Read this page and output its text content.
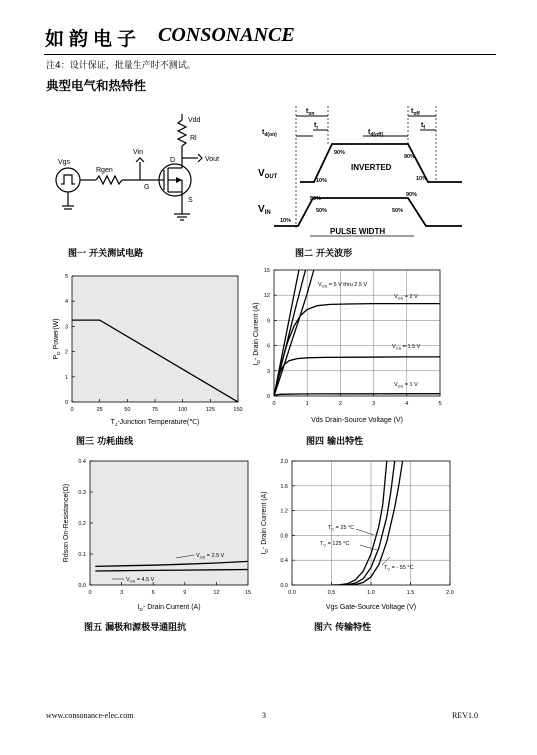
如韵电子 CONSONANCE
注4：设计保证，批量生产时不测试。
典型电气和热特性
Vdd
Rl
Vin
Vout
D
G
S
Rgen
Vgs
$t_{on}$	$t_{off}$
$t_r$	$t_f$
$t_{d(on)}$	$t_{d(off)}$
$V_{OUT}$
$V_{IN}$
INVERTED
PULSE WIDTH
90%
90%
10%	10%
50%	50%
50%
90%
10%
图一 开关测试电路	图二 开关波形
0	25	50	75	100	125	150
0
1
2
3
4
5
$T_J$-Junction Temperature(℃)
$P_D$ Power(W)
0	1	2	3	4	5
0
3
6
9
12
15
Vds Drain-Source Voltage (V)
$I_D-$ Drain Current (A)
$V_{GS} = 5$ V thru 2.5 V
$V_{GS} = 2$ V
$V_{GS} = 1.5$ V
$V_{GS} = 1$ V
图三 功耗曲线	图四 输出特性
0	3	6	9	12	15
0.0
0.1
0.2
0.3
0.4
$I_D-$ Drain Current (A)
Rdson On-Resistance(Ω)	$V_{GS} = 2.5$ V
$V_{GS} = 4.5$ V
0.0	0.5	1.0	1.5	2.0
0.0
0.4
0.8
1.2
1.6
2.0
Vgs Gate-Source Voltage (V)
$I_D-$ Drain Current (A)	$T_C = 25$ °C
$T_C = 125$ °C
$T_C$ = - 55 °C
图五 漏极和源极导通阻抗	图六 传输特性
www.consonance-elec.com	3	REV1.0
